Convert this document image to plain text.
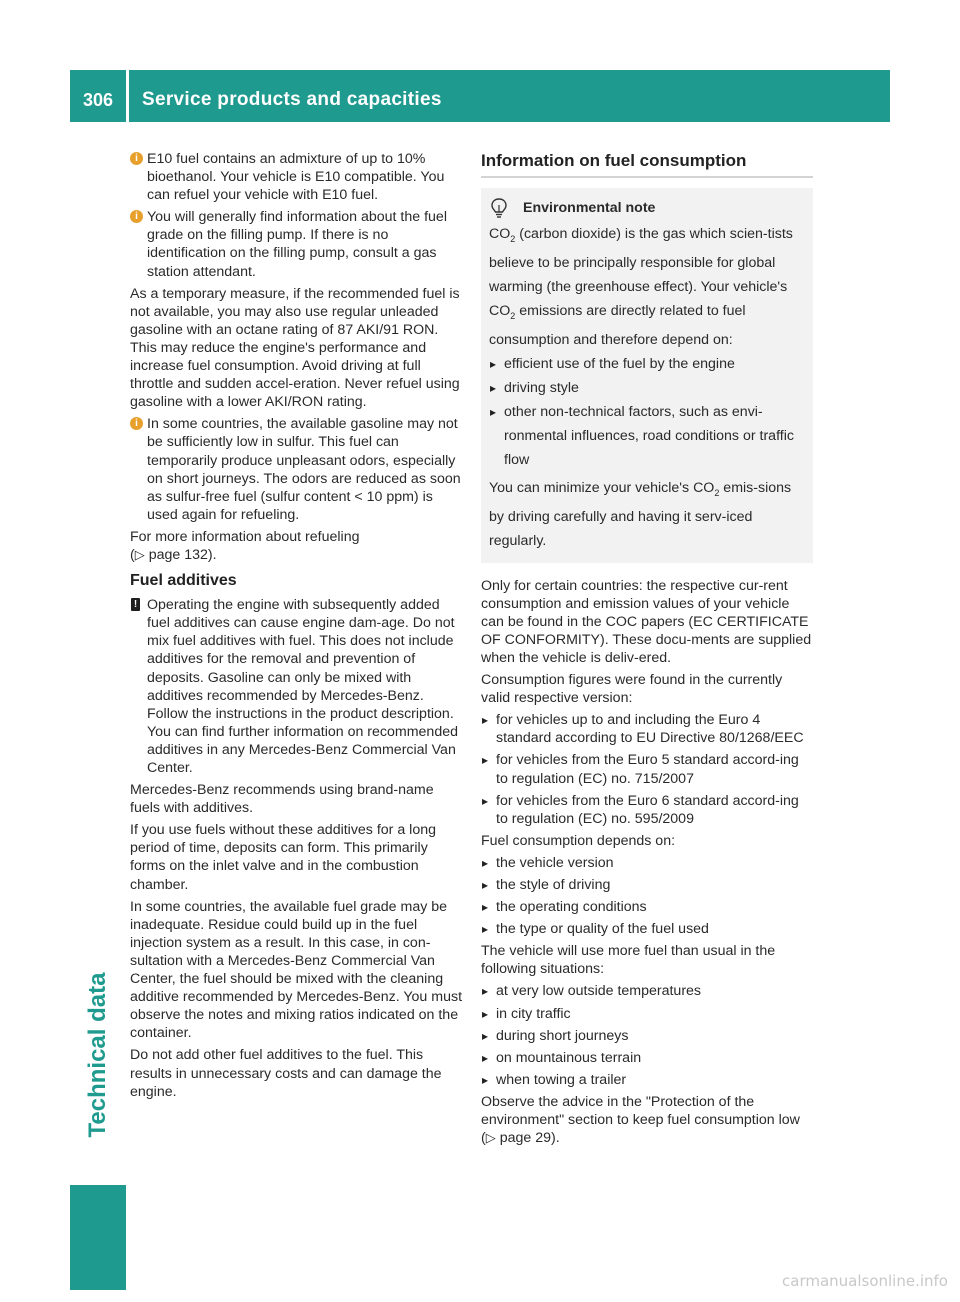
306	Service products and capacities
Technical data
i E10 fuel contains an admixture of up to 10% bioethanol. Your vehicle is E10 compatible. You can refuel your vehicle with E10 fuel.
i You will generally find information about the fuel grade on the filling pump. If there is no identification on the filling pump, consult a gas station attendant.

As a temporary measure, if the recommended fuel is not available, you may also use regular unleaded gasoline with an octane rating of 87 AKI/91 RON. This may reduce the engine's performance and increase fuel consumption. Avoid driving at full throttle and sudden accel-eration. Never refuel using gasoline with a lower AKI/RON rating.

i In some countries, the available gasoline may not be sufficiently low in sulfur. This fuel can temporarily produce unpleasant odors, especially on short journeys. The odors are reduced as soon as sulfur-free fuel (sulfur content < 10 ppm) is used again for refueling.

For more information about refueling
(▷ page 132).

Fuel additives
! Operating the engine with subsequently added fuel additives can cause engine dam-age. Do not mix fuel additives with fuel. This does not include additives for the removal and prevention of deposits. Gasoline can only be mixed with additives recommended by Mercedes-Benz. Follow the instructions in the product description. You can find further information on recommended additives in any Mercedes-Benz Commercial Van Center.

Mercedes-Benz recommends using brand-name fuels with additives.

If you use fuels without these additives for a long period of time, deposits can form. This primarily forms on the inlet valve and in the combustion chamber.

In some countries, the available fuel grade may be inadequate. Residue could build up in the fuel injection system as a result. In this case, in con-sultation with a Mercedes-Benz Commercial Van Center, the fuel should be mixed with the cleaning additive recommended by Mercedes-Benz. You must observe the notes and mixing ratios indicated on the container.

Do not add other fuel additives to the fuel. This results in unnecessary costs and can damage the engine.

Information on fuel consumption
Environmental note
$CO_2$ (carbon dioxide) is the gas which scien-tists believe to be principally responsible for global warming (the greenhouse effect). Your vehicle's $CO_2$ emissions are directly related to fuel consumption and therefore depend on:
▸ efficient use of the fuel by the engine
▸ driving style
▸ other non-technical factors, such as envi-ronmental influences, road conditions or traffic flow
You can minimize your vehicle's $CO_2$ emis-sions by driving carefully and having it serv-iced regularly.

Only for certain countries: the respective cur-rent consumption and emission values of your vehicle can be found in the COC papers (EC CERTIFICATE OF CONFORMITY). These docu-ments are supplied when the vehicle is deliv-ered.

Consumption figures were found in the currently valid respective version:

▸ for vehicles up to and including the Euro 4 standard according to EU Directive 80/1268/EEC
▸ for vehicles from the Euro 5 standard accord-ing to regulation (EC) no. 715/2007
▸ for vehicles from the Euro 6 standard accord-ing to regulation (EC) no. 595/2009

Fuel consumption depends on:

▸ the vehicle version
▸ the style of driving
▸ the operating conditions
▸ the type or quality of the fuel used

The vehicle will use more fuel than usual in the following situations:

▸ at very low outside temperatures
▸ in city traffic
▸ during short journeys
▸ on mountainous terrain
▸ when towing a trailer

Observe the advice in the "Protection of the environment" section to keep fuel consumption low (▷ page 29).

carmanualsonline.info
